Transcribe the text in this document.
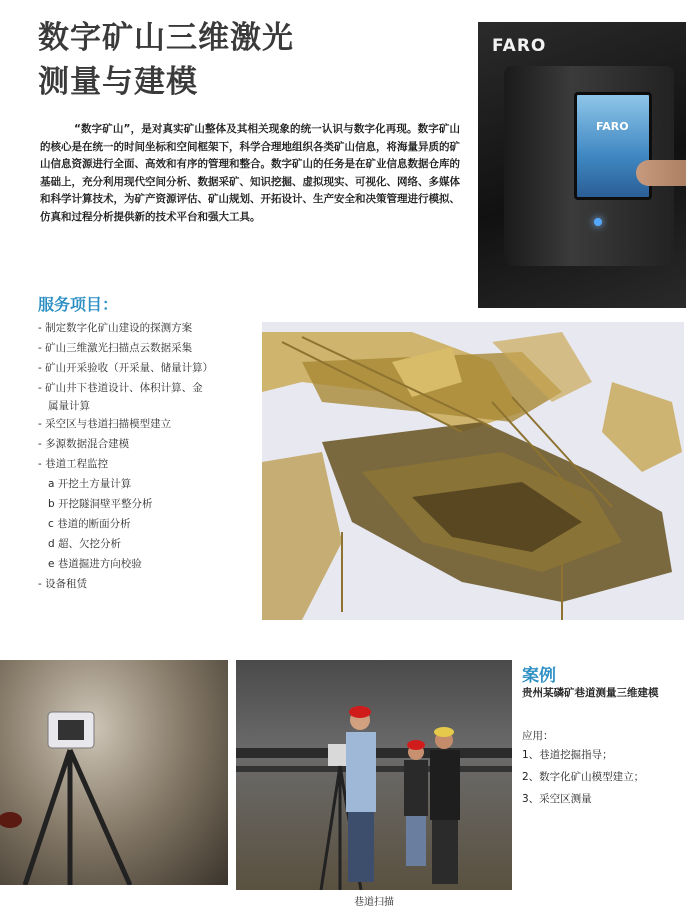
数字矿山三维激光
测量与建模

“数字矿山”，是对真实矿山整体及其相关现象的统一认识与数字化再现。数字矿山的核心是在统一的时间坐标和空间框架下，科学合理地组织各类矿山信息，将海量异质的矿山信息资源进行全面、高效和有序的管理和整合。数字矿山的任务是在矿业信息数据仓库的基础上，充分利用现代空间分析、数据采矿、知识挖掘、虚拟现实、可视化、网络、多媒体和科学计算技术，为矿产资源评估、矿山规划、开拓设计、生产安全和决策管理进行模拟、仿真和过程分析提供新的技术平台和强大工具。

FARO
FARO
服务项目：
- 制定数字化矿山建设的探测方案
- 矿山三维激光扫描点云数据采集
- 矿山开采验收（开采量、储量计算）
- 矿山井下巷道设计、体积计算、金
属量计算
- 采空区与巷道扫描模型建立
- 多源数据混合建模
- 巷道工程监控
a 开挖土方量计算
b 开挖隧洞壁平整分析
c 巷道的断面分析
d 超、欠挖分析
e 巷道掘进方向校验
- 设备租赁
巷道扫描
案例
贵州某磷矿巷道测量三维建模
应用：
1、巷道挖掘指导；
2、数字化矿山模型建立；
3、采空区测量
